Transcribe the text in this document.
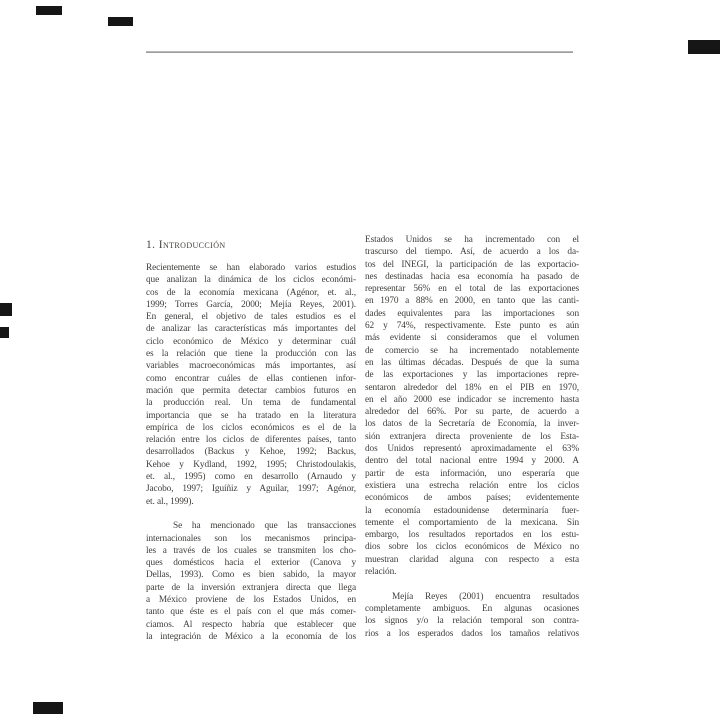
1. Introducción
Recientemente se han elaborado varios estudios
que analizan la dinámica de los ciclos económi-
cos de la economía mexicana (Agénor, et. al.,
1999; Torres García, 2000; Mejía Reyes, 2001).
En general, el objetivo de tales estudios es el
de analizar las características más importantes del
ciclo económico de México y determinar cuál
es la relación que tiene la producción con las
variables macroeconómicas más importantes, así
como encontrar cuáles de ellas contienen infor-
mación que permita detectar cambios futuros en
la producción real. Un tema de fundamental
importancia que se ha tratado en la literatura
empírica de los ciclos económicos es el de la
relación entre los ciclos de diferentes países, tanto
desarrollados (Backus y Kehoe, 1992; Backus,
Kehoe y Kydland, 1992, 1995; Christodoulakis,
et. al., 1995) como en desarrollo (Arnaudo y
Jacobo, 1997; Iguíñiz y Aguilar, 1997; Agénor,
et. al., 1999).
Se ha mencionado que las transacciones
internacionales son los mecanismos principa-
les a través de los cuales se transmiten los cho-
ques domésticos hacia el exterior (Canova y
Dellas, 1993). Como es bien sabido, la mayor
parte de la inversión extranjera directa que llega
a México proviene de los Estados Unidos, en
tanto que éste es el país con el que más comer-
ciamos. Al respecto habría que establecer que
la integración de México a la economía de los
Estados Unidos se ha incrementado con el
trascurso del tiempo. Así, de acuerdo a los da-
tos del INEGI, la participación de las exportacio-
nes destinadas hacia esa economía ha pasado de
representar 56% en el total de las exportaciones
en 1970 a 88% en 2000, en tanto que las canti-
dades equivalentes para las importaciones son
62 y 74%, respectivamente. Este punto es aún
más evidente si consideramos que el volumen
de comercio se ha incrementado notablemente
en las últimas décadas. Después de que la suma
de las exportaciones y las importaciones repre-
sentaron alrededor del 18% en el PIB en 1970,
en el año 2000 ese indicador se incremento hasta
alrededor del 66%. Por su parte, de acuerdo a
los datos de la Secretaría de Economía, la inver-
sión extranjera directa proveniente de los Esta-
dos Unidos representó aproximadamente el 63%
dentro del total nacional entre 1994 y 2000. A
partir de esta información, uno esperaría que
existiera una estrecha relación entre los ciclos
económicos de ambos países; evidentemente
la economía estadounidense determinaría fuer-
temente el comportamiento de la mexicana. Sin
embargo, los resultados reportados en los estu-
dios sobre los ciclos económicos de México no
muestran claridad alguna con respecto a esta
relación.
Mejía Reyes (2001) encuentra resultados
completamente ambiguos. En algunas ocasiones
los signos y/o la relación temporal son contra-
rios a los esperados dados los tamaños relativos
